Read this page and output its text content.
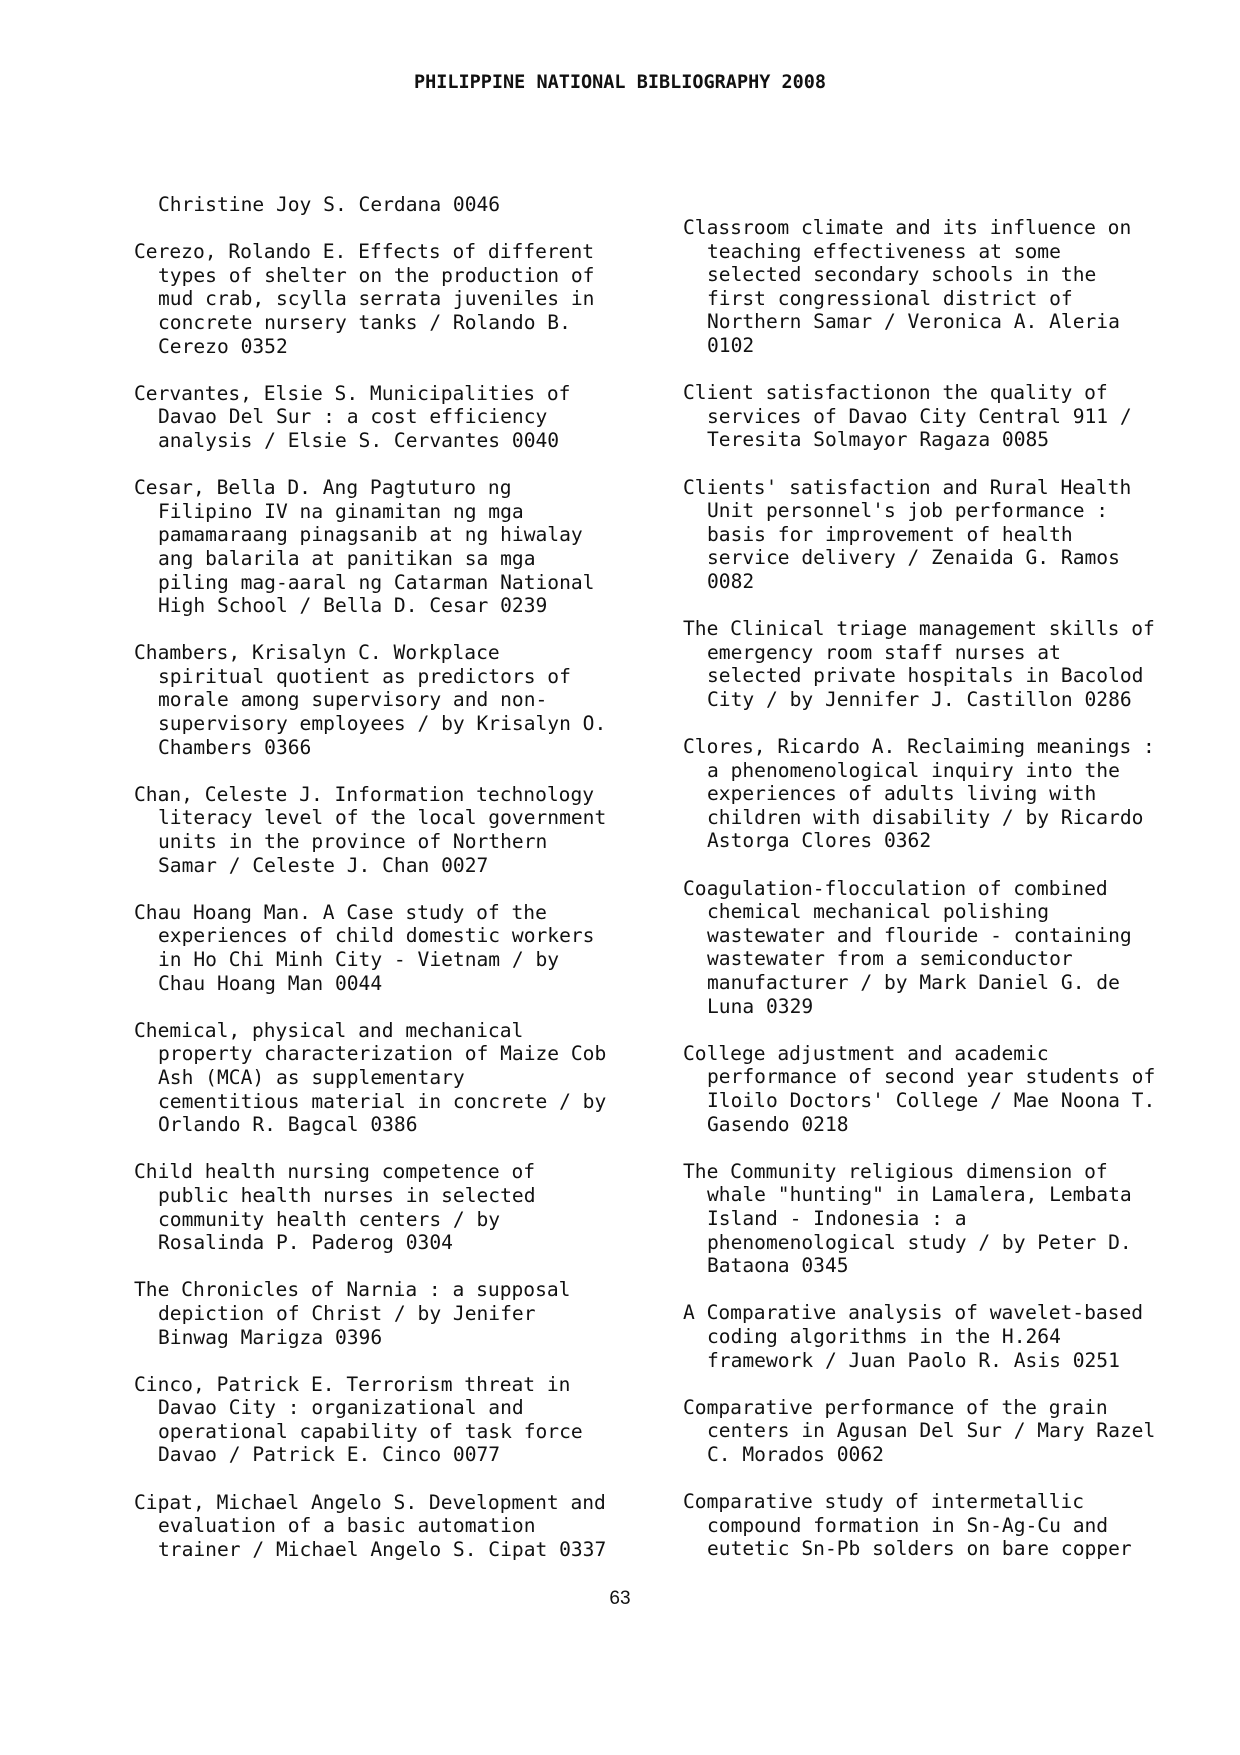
PHILIPPINE NATIONAL BIBLIOGRAPHY 2008
Christine Joy S. Cerdana 0046
Cerezo, Rolando E. Effects of different
types of shelter on the production of
mud crab, scylla serrata juveniles in
concrete nursery tanks / Rolando B.
Cerezo 0352
Cervantes, Elsie S. Municipalities of
Davao Del Sur : a cost efficiency
analysis / Elsie S. Cervantes 0040
Cesar, Bella D. Ang Pagtuturo ng
Filipino IV na ginamitan ng mga
pamamaraang pinagsanib at ng hiwalay
ang balarila at panitikan sa mga
piling mag-aaral ng Catarman National
High School / Bella D. Cesar 0239
Chambers, Krisalyn C. Workplace
spiritual quotient as predictors of
morale among supervisory and non-
supervisory employees / by Krisalyn O.
Chambers 0366
Chan, Celeste J. Information technology
literacy level of the local government
units in the province of Northern
Samar / Celeste J. Chan 0027
Chau Hoang Man. A Case study of the
experiences of child domestic workers
in Ho Chi Minh City - Vietnam / by
Chau Hoang Man 0044
Chemical, physical and mechanical
property characterization of Maize Cob
Ash (MCA) as supplementary
cementitious material in concrete / by
Orlando R. Bagcal 0386
Child health nursing competence of
public health nurses in selected
community health centers / by
Rosalinda P. Paderog 0304
The Chronicles of Narnia : a supposal
depiction of Christ / by Jenifer
Binwag Marigza 0396
Cinco, Patrick E. Terrorism threat in
Davao City : organizational and
operational capability of task force
Davao / Patrick E. Cinco 0077
Cipat, Michael Angelo S. Development and
evaluation of a basic automation
trainer / Michael Angelo S. Cipat 0337
Classroom climate and its influence on
teaching effectiveness at some
selected secondary schools in the
first congressional district of
Northern Samar / Veronica A. Aleria
0102
Client satisfactionon the quality of
services of Davao City Central 911 /
Teresita Solmayor Ragaza 0085
Clients' satisfaction and Rural Health
Unit personnel's job performance :
basis for improvement of health
service delivery / Zenaida G. Ramos
0082
The Clinical triage management skills of
emergency room staff nurses at
selected private hospitals in Bacolod
City / by Jennifer J. Castillon 0286
Clores, Ricardo A. Reclaiming meanings :
a phenomenological inquiry into the
experiences of adults living with
children with disability / by Ricardo
Astorga Clores 0362
Coagulation-flocculation of combined
chemical mechanical polishing
wastewater and flouride - containing
wastewater from a semiconductor
manufacturer / by Mark Daniel G. de
Luna 0329
College adjustment and academic
performance of second year students of
Iloilo Doctors' College / Mae Noona T.
Gasendo 0218
The Community religious dimension of
whale "hunting" in Lamalera, Lembata
Island - Indonesia : a
phenomenological study / by Peter D.
Bataona 0345
A Comparative analysis of wavelet-based
coding algorithms in the H.264
framework / Juan Paolo R. Asis 0251
Comparative performance of the grain
centers in Agusan Del Sur / Mary Razel
C. Morados 0062
Comparative study of intermetallic
compound formation in Sn-Ag-Cu and
eutetic Sn-Pb solders on bare copper
63
